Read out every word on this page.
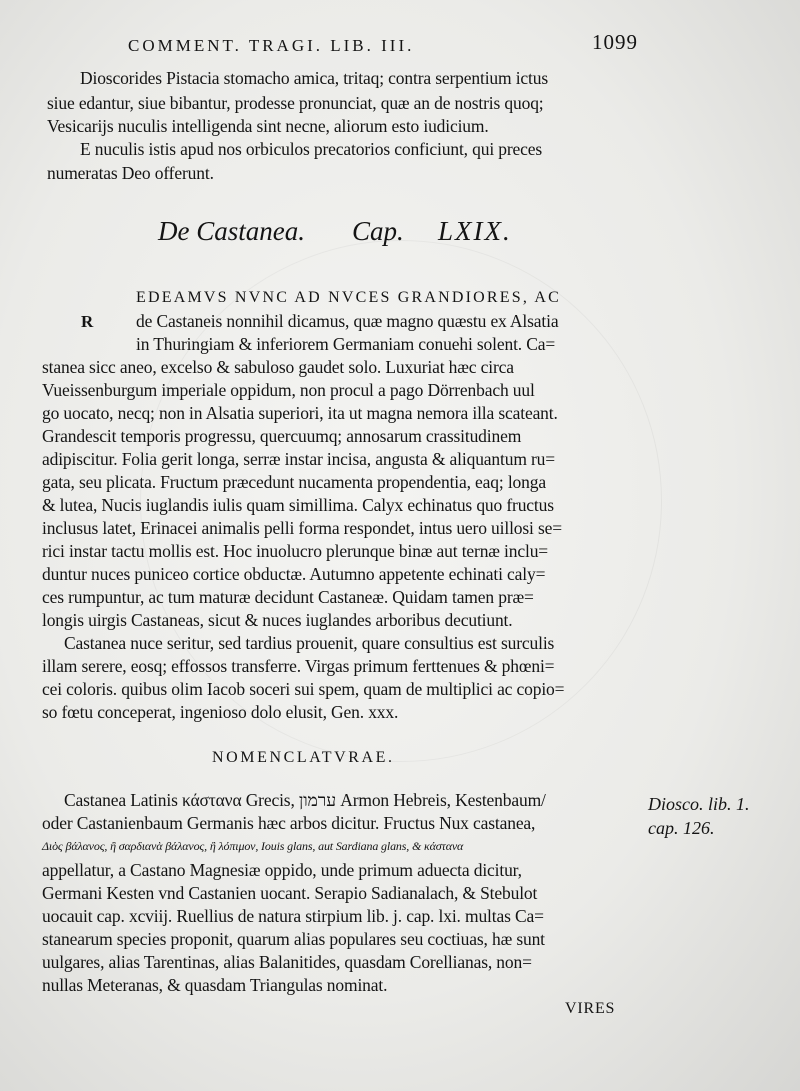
COMMENT. TRAGI. LIB. III.	1099
Dioscorides Pistacia stomacho amica, tritaq; contra serpentium ictus
siue edantur, siue bibantur, prodesse pronunciat, quæ an de nostris quoq;
Vesicarijs nuculis intelligenda sint necne, aliorum esto iudicium.
E nuculis istis apud nos orbiculos precatorios conficiunt, qui preces
numeratas Deo offerunt.
De Castanea. Cap. LXIX.
R
EDEAMVS NVNC AD NVCES GRANDIORES, AC
de Castaneis nonnihil dicamus, quæ magno quæstu ex Alsatia
in Thuringiam & inferiorem Germaniam conuehi solent. Ca=
stanea sicc aneo, excelso & sabuloso gaudet solo. Luxuriat hæc circa
Vueissenburgum imperiale oppidum, non procul a pago Dörrenbach uul
go uocato, necq; non in Alsatia superiori, ita ut magna nemora illa scateant.
Grandescit temporis progressu, quercuumq; annosarum crassitudinem
adipiscitur. Folia gerit longa, serræ instar incisa, angusta & aliquantum ru=
gata, seu plicata. Fructum præcedunt nucamenta propendentia, eaq; longa
& lutea, Nucis iuglandis iulis quam simillima. Calyx echinatus quo fructus
inclusus latet, Erinacei animalis pelli forma respondet, intus uero uillosi se=
rici instar tactu mollis est. Hoc inuolucro plerunque binæ aut ternæ inclu=
duntur nuces puniceo cortice obductæ. Autumno appetente echinati caly=
ces rumpuntur, ac tum maturæ decidunt Castaneæ. Quidam tamen præ=
longis uirgis Castaneas, sicut & nuces iuglandes arboribus decutiunt.
Castanea nuce seritur, sed tardius prouenit, quare consultius est surculis
illam serere, eosq; effossos transferre. Virgas primum ferttenues & phœni=
cei coloris. quibus olim Iacob soceri sui spem, quam de multiplici ac copio=
so fœtu conceperat, ingenioso dolo elusit, Gen. xxx.
NOMENCLATVRAE.
Castanea Latinis κάστανα Grecis, ערמון Armon Hebreis, Kestenbaum/
oder Castanienbaum Germanis hæc arbos dicitur. Fructus Nux castanea,
Διὸς βάλανος, ἢ σαρδιανὰ βάλανος, ἢ λόπιμον, Iouis glans, aut Sardiana glans, & κάστανα
appellatur, a Castano Magnesiæ oppido, unde primum aduecta dicitur,
Germani Kesten vnd Castanien uocant. Serapio Sadianalach, & Stebulot
uocauit cap. xcviij. Ruellius de natura stirpium lib. j. cap. lxi. multas Ca=
stanearum species proponit, quarum alias populares seu coctiuas, hæ sunt
uulgares, alias Tarentinas, alias Balanitides, quasdam Corellianas, non=
nullas Meteranas, & quasdam Triangulas nominat.
Diosco. lib. 1.
cap. 126.
VIRES
